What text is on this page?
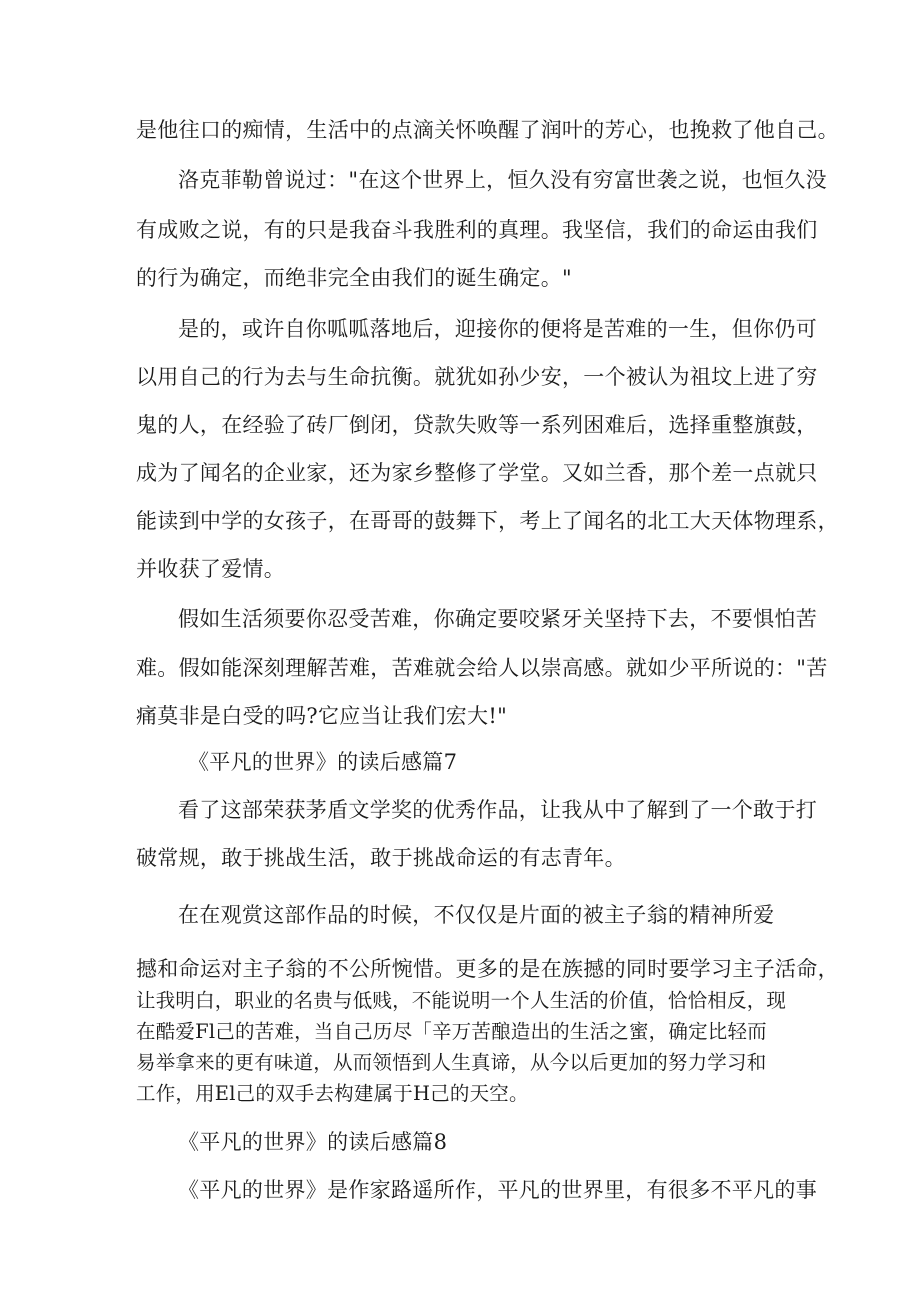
是他往口的痴情，生活中的点滴关怀唤醒了润叶的芳心，也挽救了他自己。
洛克菲勒曾说过："在这个世界上，恒久没有穷富世袭之说，也恒久没
有成败之说，有的只是我奋斗我胜利的真理。我坚信，我们的命运由我们
的行为确定，而绝非完全由我们的诞生确定。"
是的，或许自你呱呱落地后，迎接你的便将是苦难的一生，但你仍可
以用自己的行为去与生命抗衡。就犹如孙少安，一个被认为祖坟上进了穷
鬼的人，在经验了砖厂倒闭，贷款失败等一系列困难后，选择重整旗鼓，
成为了闻名的企业家，还为家乡整修了学堂。又如兰香，那个差一点就只
能读到中学的女孩子，在哥哥的鼓舞下，考上了闻名的北工大天体物理系，
并收获了爱情。
假如生活须要你忍受苦难，你确定要咬紧牙关坚持下去，不要惧怕苦
难。假如能深刻理解苦难，苦难就会给人以崇高感。就如少平所说的："苦
痛莫非是白受的吗?它应当让我们宏大!"
《平凡的世界》的读后感篇7
看了这部荣获茅盾文学奖的优秀作品，让我从中了解到了一个敢于打
破常规，敢于挑战生活，敢于挑战命运的有志青年。
在在观赏这部作品的时候，不仅仅是片面的被主子翁的精神所爱
撼和命运对主子翁的不公所惋惜。更多的是在族撼的同时要学习主子活命，
让我明白，职业的名贵与低贱，不能说明一个人生活的价值，恰恰相反，现
在酷爱Fl己的苦难，当自己历尽「辛万苦酿造出的生活之蜜，确定比轻而
易举拿来的更有味道，从而领悟到人生真谛，从今以后更加的努力学习和
工作，用El己的双手去构建属于H己的天空。
《平凡的世界》的读后感篇8
《平凡的世界》是作家路遥所作，平凡的世界里，有很多不平凡的事
